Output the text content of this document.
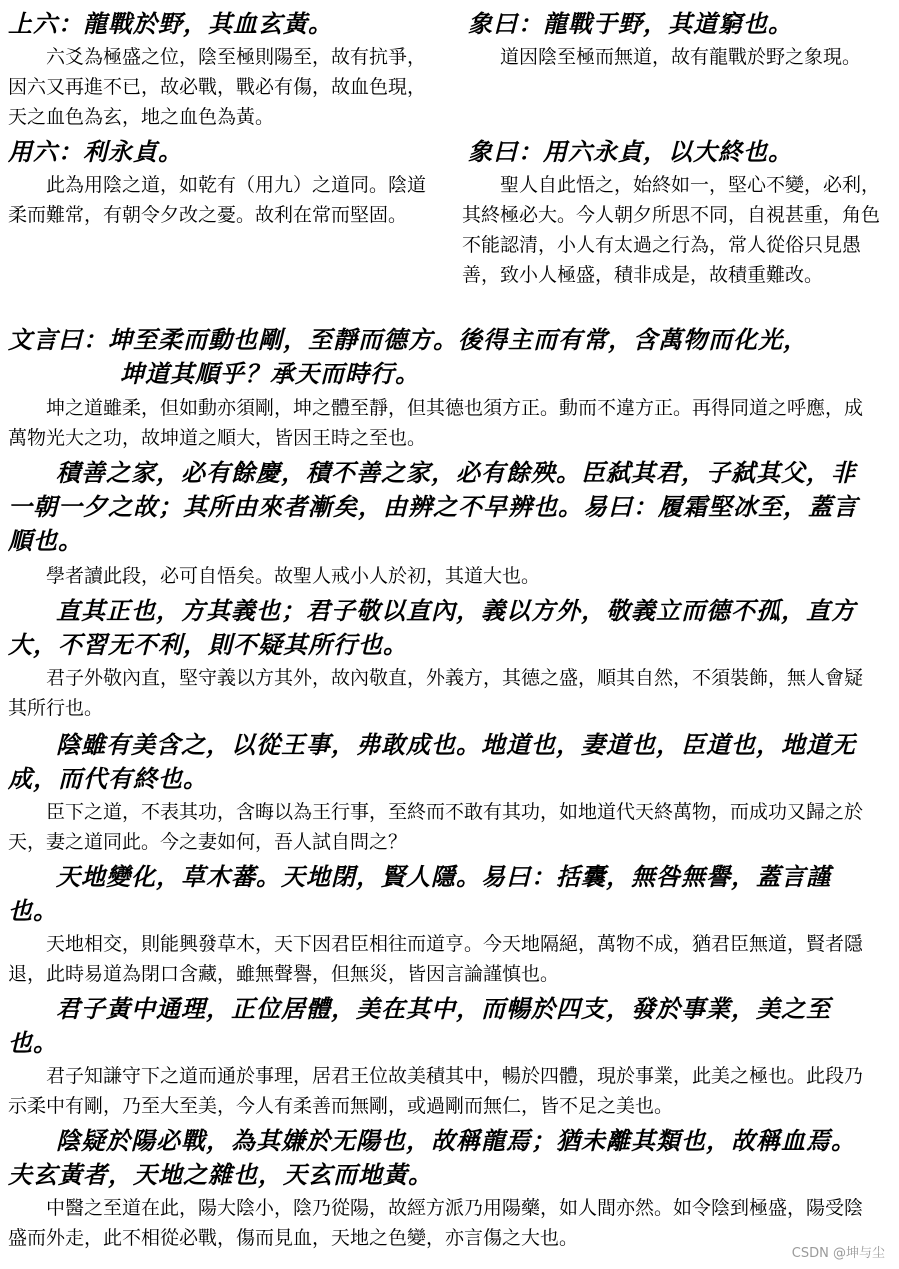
上六：龍戰於野，其血玄黃。
六爻為極盛之位，陰至極則陽至，故有抗爭，因六又再進不已，故必戰，戰必有傷，故血色現，天之血色為玄，地之血色為黃。
象曰：龍戰于野，其道窮也。
道因陰至極而無道，故有龍戰於野之象現。
用六：利永貞。
此為用陰之道，如乾有（用九）之道同。陰道柔而難常，有朝令夕改之憂。故利在常而堅固。
象曰：用六永貞，以大終也。
聖人自此悟之，始終如一，堅心不變，必利，其終極必大。今人朝夕所思不同，自視甚重，角色不能認清，小人有太過之行為，常人從俗只見愚善，致小人極盛，積非成是，故積重難改。
文言曰：坤至柔而動也剛，至靜而德方。後得主而有常，含萬物而化光，
坤道其順乎？承天而時行。
坤之道雖柔，但如動亦須剛，坤之體至靜，但其德也須方正。動而不違方正。再得同道之呼應，成萬物光大之功，故坤道之順大，皆因王時之至也。
積善之家，必有餘慶，積不善之家，必有餘殃。臣弑其君，子弑其父，非一朝一夕之故；其所由來者漸矣，由辨之不早辨也。易曰：履霜堅冰至，蓋言順也。
學者讀此段，必可自悟矣。故聖人戒小人於初，其道大也。
直其正也，方其義也；君子敬以直內，義以方外，敬義立而德不孤，直方大，不習无不利，則不疑其所行也。
君子外敬內直，堅守義以方其外，故內敬直，外義方，其德之盛，順其自然，不須裝飾，無人會疑其所行也。
陰雖有美含之，以從王事，弗敢成也。地道也，妻道也，臣道也，地道无成，而代有終也。
臣下之道，不表其功，含晦以為王行事，至終而不敢有其功，如地道代天終萬物，而成功又歸之於天，妻之道同此。今之妻如何，吾人試自問之？
天地變化，草木蕃。天地閉，賢人隱。易曰：括囊，無咎無譽，蓋言謹也。
天地相交，則能興發草木，天下因君臣相往而道亨。今天地隔絕，萬物不成，猶君臣無道，賢者隱退，此時易道為閉口含藏，雖無聲譽，但無災，皆因言論謹慎也。
君子黃中通理，正位居體，美在其中，而暢於四支，發於事業，美之至也。
君子知謙守下之道而通於事理，居君王位故美積其中，暢於四體，現於事業，此美之極也。此段乃示柔中有剛，乃至大至美，今人有柔善而無剛，或過剛而無仁，皆不足之美也。
陰疑於陽必戰，為其嫌於无陽也，故稱龍焉；猶未離其類也，故稱血焉。夫玄黃者，天地之雜也，天玄而地黃。
中醫之至道在此，陽大陰小，陰乃從陽，故經方派乃用陽藥，如人間亦然。如令陰到極盛，陽受陰盛而外走，此不相從必戰，傷而見血，天地之色變，亦言傷之大也。
CSDN @坤与尘
